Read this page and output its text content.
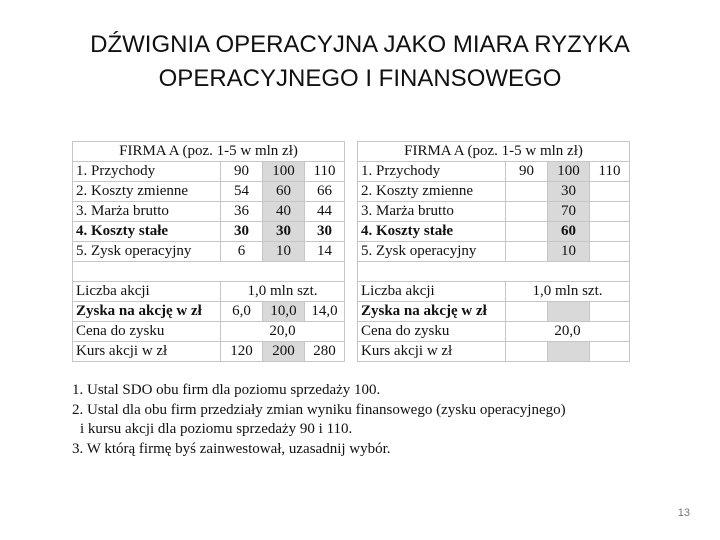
DŹWIGNIA OPERACYJNA JAKO MIARA RYZYKA
OPERACYJNEGO I FINANSOWEGO
FIRMA A (poz. 1-5 w mln zł)			
1. Przychody	90	100	110
2. Koszty zmienne	54	60	66
3. Marża brutto	36	40	44
4. Koszty stałe	30	30	30
5. Zysk operacyjny	6	10	14

Liczba akcji	1,0 mln szt.		
Zyska na akcję w zł	6,0	10,0	14,0
Cena do zysku	20,0		
Kurs akcji w zł	120	200	280
FIRMA A (poz. 1-5 w mln zł)			
1. Przychody	90	100	110
2. Koszty zmienne		30	
3. Marża brutto		70	
4. Koszty stałe		60	
5. Zysk operacyjny		10	

Liczba akcji	1,0 mln szt.		
Zyska na akcję w zł			
Cena do zysku	20,0		
Kurs akcji w zł			
1. Ustal SDO obu firm dla poziomu sprzedaży 100.
2. Ustal dla obu firm przedziały zmian wyniku finansowego (zysku operacyjnego)
i kursu akcji dla poziomu sprzedaży 90 i 110.
3. W którą firmę byś zainwestował, uzasadnij wybór.
13
